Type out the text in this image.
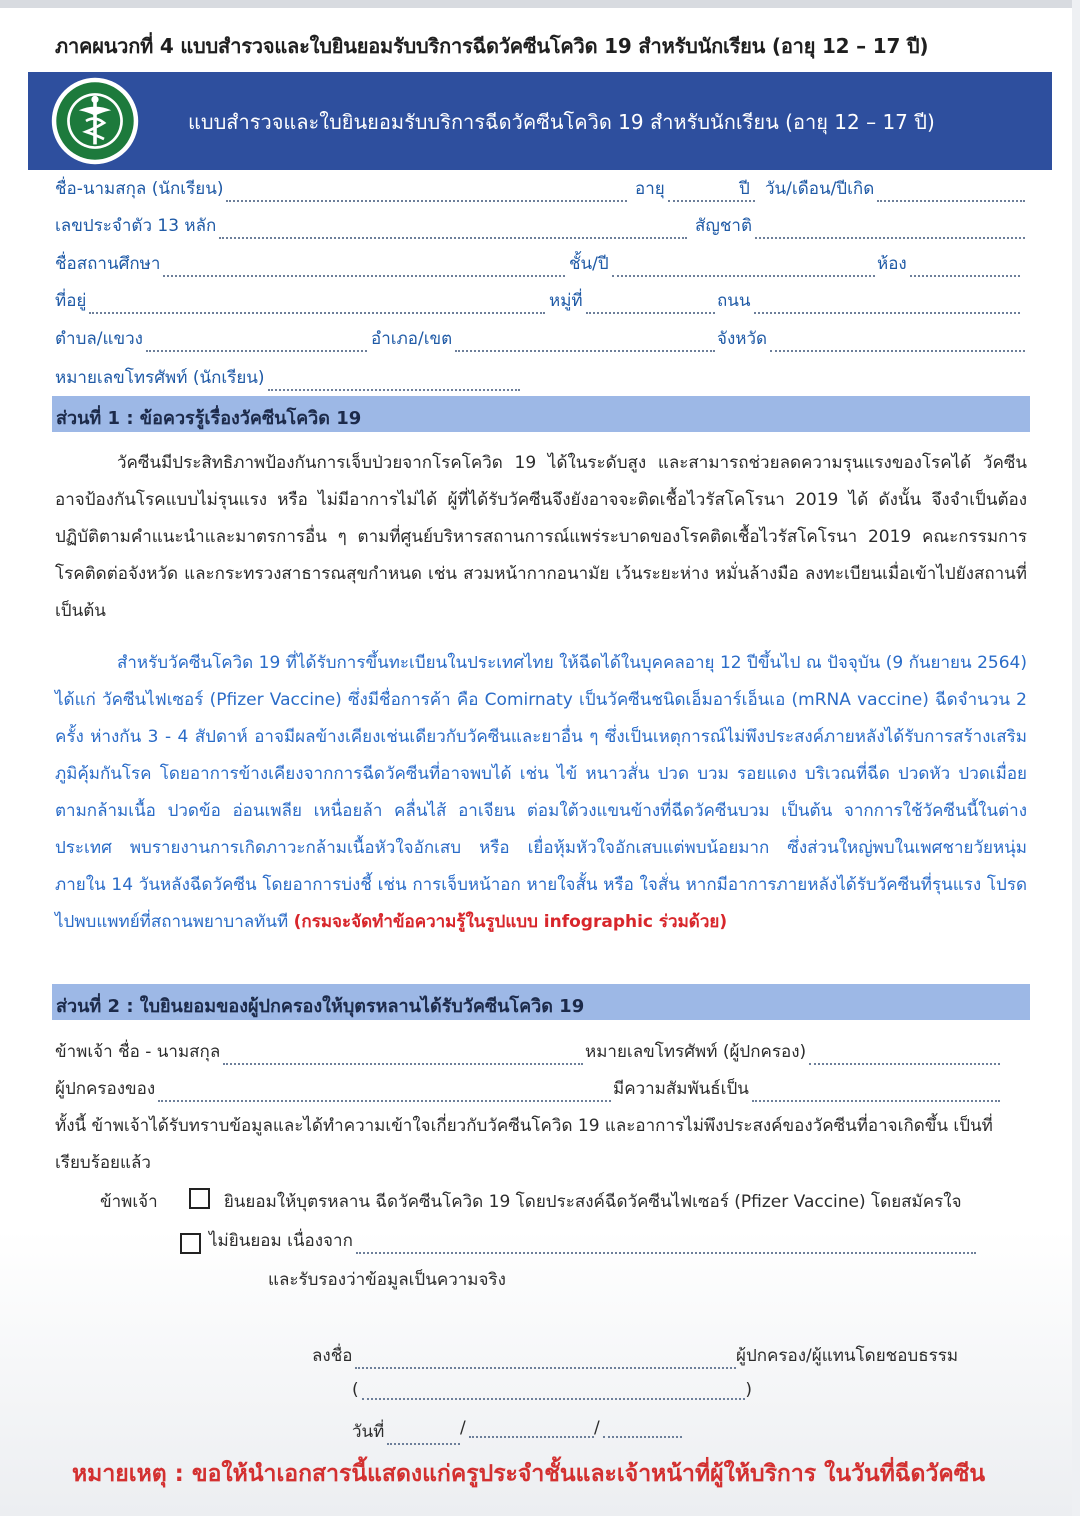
ภาคผนวกที่ 4 แบบสำรวจและใบยินยอมรับบริการฉีดวัคซีนโควิด 19 สำหรับนักเรียน (อายุ 12 – 17 ปี)
แบบสำรวจและใบยินยอมรับบริการฉีดวัคซีนโควิด 19 สำหรับนักเรียน (อายุ 12 – 17 ปี)
ชื่อ-นามสกุล (นักเรียน)	อายุ	ปี วัน/เดือน/ปีเกิด
เลขประจำตัว 13 หลัก	สัญชาติ
ชื่อสถานศึกษา	ชั้น/ปี	ห้อง
ที่อยู่	หมู่ที่	ถนน
ตำบล/แขวง	อำเภอ/เขต	จังหวัด
หมายเลขโทรศัพท์ (นักเรียน)
ส่วนที่ 1 : ข้อควรรู้เรื่องวัคซีนโควิด 19
วัคซีนมีประสิทธิภาพป้องกันการเจ็บป่วยจากโรคโควิด 19 ได้ในระดับสูง และสามารถช่วยลดความรุนแรงของโรคได้ วัคซีนอาจป้องกันโรคแบบไม่รุนแรง หรือ ไม่มีอาการไม่ได้ ผู้ที่ได้รับวัคซีนจึงยังอาจจะติดเชื้อไวรัสโคโรนา 2019 ได้ ดังนั้น จึงจำเป็นต้องปฏิบัติตามคำแนะนำและมาตรการอื่น ๆ ตามที่ศูนย์บริหารสถานการณ์แพร่ระบาดของโรคติดเชื้อไวรัสโคโรนา 2019 คณะกรรมการโรคติดต่อจังหวัด และกระทรวงสาธารณสุขกำหนด เช่น สวมหน้ากากอนามัย เว้นระยะห่าง หมั่นล้างมือ ลงทะเบียนเมื่อเข้าไปยังสถานที่ เป็นต้น
สำหรับวัคซีนโควิด 19 ที่ได้รับการขึ้นทะเบียนในประเทศไทย ให้ฉีดได้ในบุคคลอายุ 12 ปีขึ้นไป ณ ปัจจุบัน (9 กันยายน 2564) ได้แก่ วัคซีนไฟเซอร์ (Pfizer Vaccine) ซึ่งมีชื่อการค้า คือ Comirnaty เป็นวัคซีนชนิดเอ็มอาร์เอ็นเอ (mRNA vaccine) ฉีดจำนวน 2 ครั้ง ห่างกัน 3 - 4 สัปดาห์ อาจมีผลข้างเคียงเช่นเดียวกับวัคซีนและยาอื่น ๆ ซึ่งเป็นเหตุการณ์ไม่พึงประสงค์ภายหลังได้รับการสร้างเสริมภูมิคุ้มกันโรค โดยอาการข้างเคียงจากการฉีดวัคซีนที่อาจพบได้ เช่น ไข้ หนาวสั่น ปวด บวม รอยแดง บริเวณที่ฉีด ปวดหัว ปวดเมื่อยตามกล้ามเนื้อ ปวดข้อ อ่อนเพลีย เหนื่อยล้า คลื่นไส้ อาเจียน ต่อมใต้วงแขนข้างที่ฉีดวัคซีนบวม เป็นต้น จากการใช้วัคซีนนี้ในต่างประเทศ พบรายงานการเกิดภาวะกล้ามเนื้อหัวใจอักเสบ หรือ เยื่อหุ้มหัวใจอักเสบแต่พบน้อยมาก ซึ่งส่วนใหญ่พบในเพศชายวัยหนุ่ม ภายใน 14 วันหลังฉีดวัคซีน โดยอาการบ่งชี้ เช่น การเจ็บหน้าอก หายใจสั้น หรือ ใจสั่น หากมีอาการภายหลังได้รับวัคซีนที่รุนแรง โปรดไปพบแพทย์ที่สถานพยาบาลทันที (กรมจะจัดทำข้อความรู้ในรูปแบบ infographic ร่วมด้วย)
ส่วนที่ 2 : ใบยินยอมของผู้ปกครองให้บุตรหลานได้รับวัคซีนโควิด 19
ข้าพเจ้า ชื่อ - นามสกุล	หมายเลขโทรศัพท์ (ผู้ปกครอง)
ผู้ปกครองของ	มีความสัมพันธ์เป็น
ทั้งนี้ ข้าพเจ้าได้รับทราบข้อมูลและได้ทำความเข้าใจเกี่ยวกับวัคซีนโควิด 19 และอาการไม่พึงประสงค์ของวัคซีนที่อาจเกิดขึ้น เป็นที่เรียบร้อยแล้ว
ข้าพเจ้า	ยินยอมให้บุตรหลาน ฉีดวัคซีนโควิด 19 โดยประสงค์ฉีดวัคซีนไฟเซอร์ (Pfizer Vaccine) โดยสมัครใจ
ไม่ยินยอม เนื่องจาก
และรับรองว่าข้อมูลเป็นความจริง
ลงชื่อ	ผู้ปกครอง/ผู้แทนโดยชอบธรรม
(	)
วันที่	/	/
หมายเหตุ : ขอให้นำเอกสารนี้แสดงแก่ครูประจำชั้นและเจ้าหน้าที่ผู้ให้บริการ ในวันที่ฉีดวัคซีน
